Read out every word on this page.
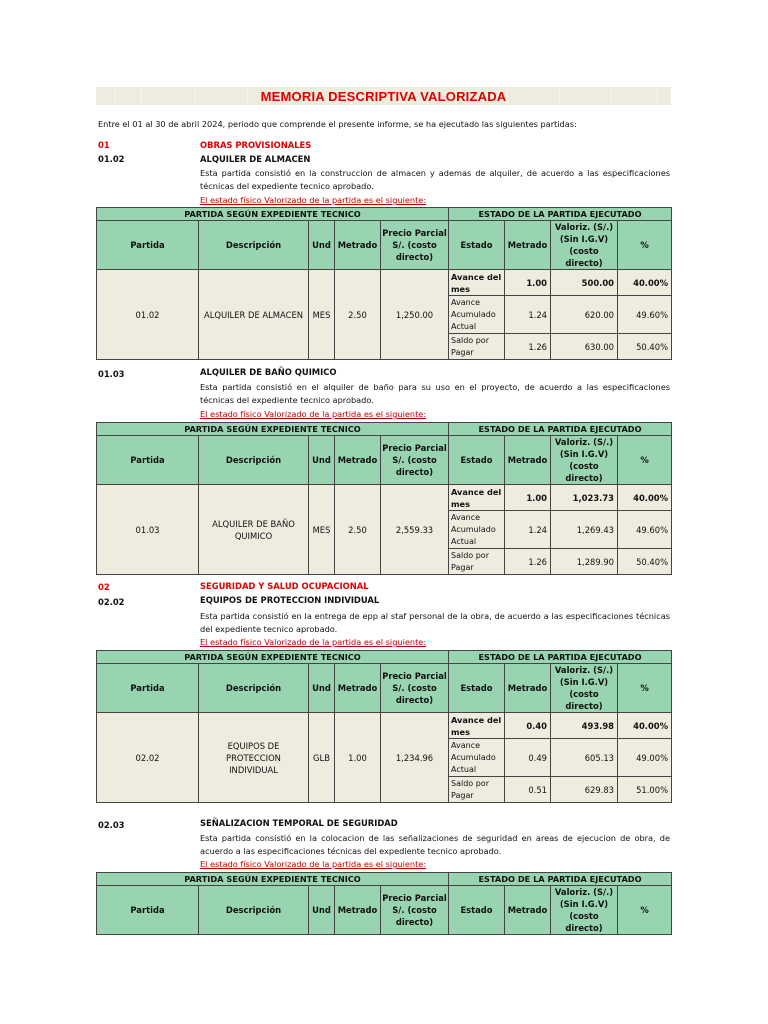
MEMORIA DESCRIPTIVA VALORIZADA
Entre el 01 al 30 de abril 2024, periodo que comprende el presente informe, se ha ejecutado las siguientes partidas:
01	OBRAS PROVISIONALES
01.02	ALQUILER DE ALMACEN
Esta partida consistió en la construccion de almacen y ademas de alquiler, de acuerdo a las especificaciones técnicas del expediente tecnico aprobado.
El estado físico Valorizado de la partida es el siguiente:
PARTIDA SEGÚN EXPEDIENTE TECNICO					ESTADO DE LA PARTIDA EJECUTADO			
Partida	Descripción	Und	Metrado	Precio Parcial S/. (costo directo)	Estado	Metrado	Valoriz. (S/.) (Sin I.G.V) (costo directo)	%
01.02	ALQUILER DE ALMACEN	MES	2.50	1,250.00	Avance del mes	1.00	500.00	40.00%
					Avance Acumulado Actual	1.24	620.00	49.60%
					Saldo por Pagar	1.26	630.00	50.40%
01.03	ALQUILER DE BAÑO QUIMICO
Esta partida consistió en el alquiler de baño para su uso en el proyecto, de acuerdo a las especificaciones técnicas del expediente tecnico aprobado.
El estado físico Valorizado de la partida es el siguiente:
PARTIDA SEGÚN EXPEDIENTE TECNICO					ESTADO DE LA PARTIDA EJECUTADO			
Partida	Descripción	Und	Metrado	Precio Parcial S/. (costo directo)	Estado	Metrado	Valoriz. (S/.) (Sin I.G.V) (costo directo)	%
01.03	ALQUILER DE BAÑO QUIMICO	MES	2.50	2,559.33	Avance del mes	1.00	1,023.73	40.00%
					Avance Acumulado Actual	1.24	1,269.43	49.60%
					Saldo por Pagar	1.26	1,289.90	50.40%
02	SEGURIDAD Y SALUD OCUPACIONAL
02.02	EQUIPOS DE PROTECCION INDIVIDUAL
Esta partida consistió en la entrega de epp al staf personal de la obra, de acuerdo a las especificaciones técnicas del expediente tecnico aprobado.
El estado físico Valorizado de la partida es el siguiente:
PARTIDA SEGÚN EXPEDIENTE TECNICO					ESTADO DE LA PARTIDA EJECUTADO			
Partida	Descripción	Und	Metrado	Precio Parcial S/. (costo directo)	Estado	Metrado	Valoriz. (S/.) (Sin I.G.V) (costo directo)	%
02.02	EQUIPOS DE PROTECCION INDIVIDUAL	GLB	1.00	1,234.96	Avance del mes	0.40	493.98	40.00%
					Avance Acumulado Actual	0.49	605.13	49.00%
					Saldo por Pagar	0.51	629.83	51.00%
02.03	SEÑALIZACION TEMPORAL DE SEGURIDAD
Esta partida consistió en la colocacion de las señalizaciones de seguridad en areas de ejecucion de obra, de acuerdo a las especificaciones técnicas del expediente tecnico aprobado.
El estado físico Valorizado de la partida es el siguiente:
PARTIDA SEGÚN EXPEDIENTE TECNICO					ESTADO DE LA PARTIDA EJECUTADO			
Partida	Descripción	Und	Metrado	Precio Parcial S/. (costo directo)	Estado	Metrado	Valoriz. (S/.) (Sin I.G.V) (costo directo)	%
